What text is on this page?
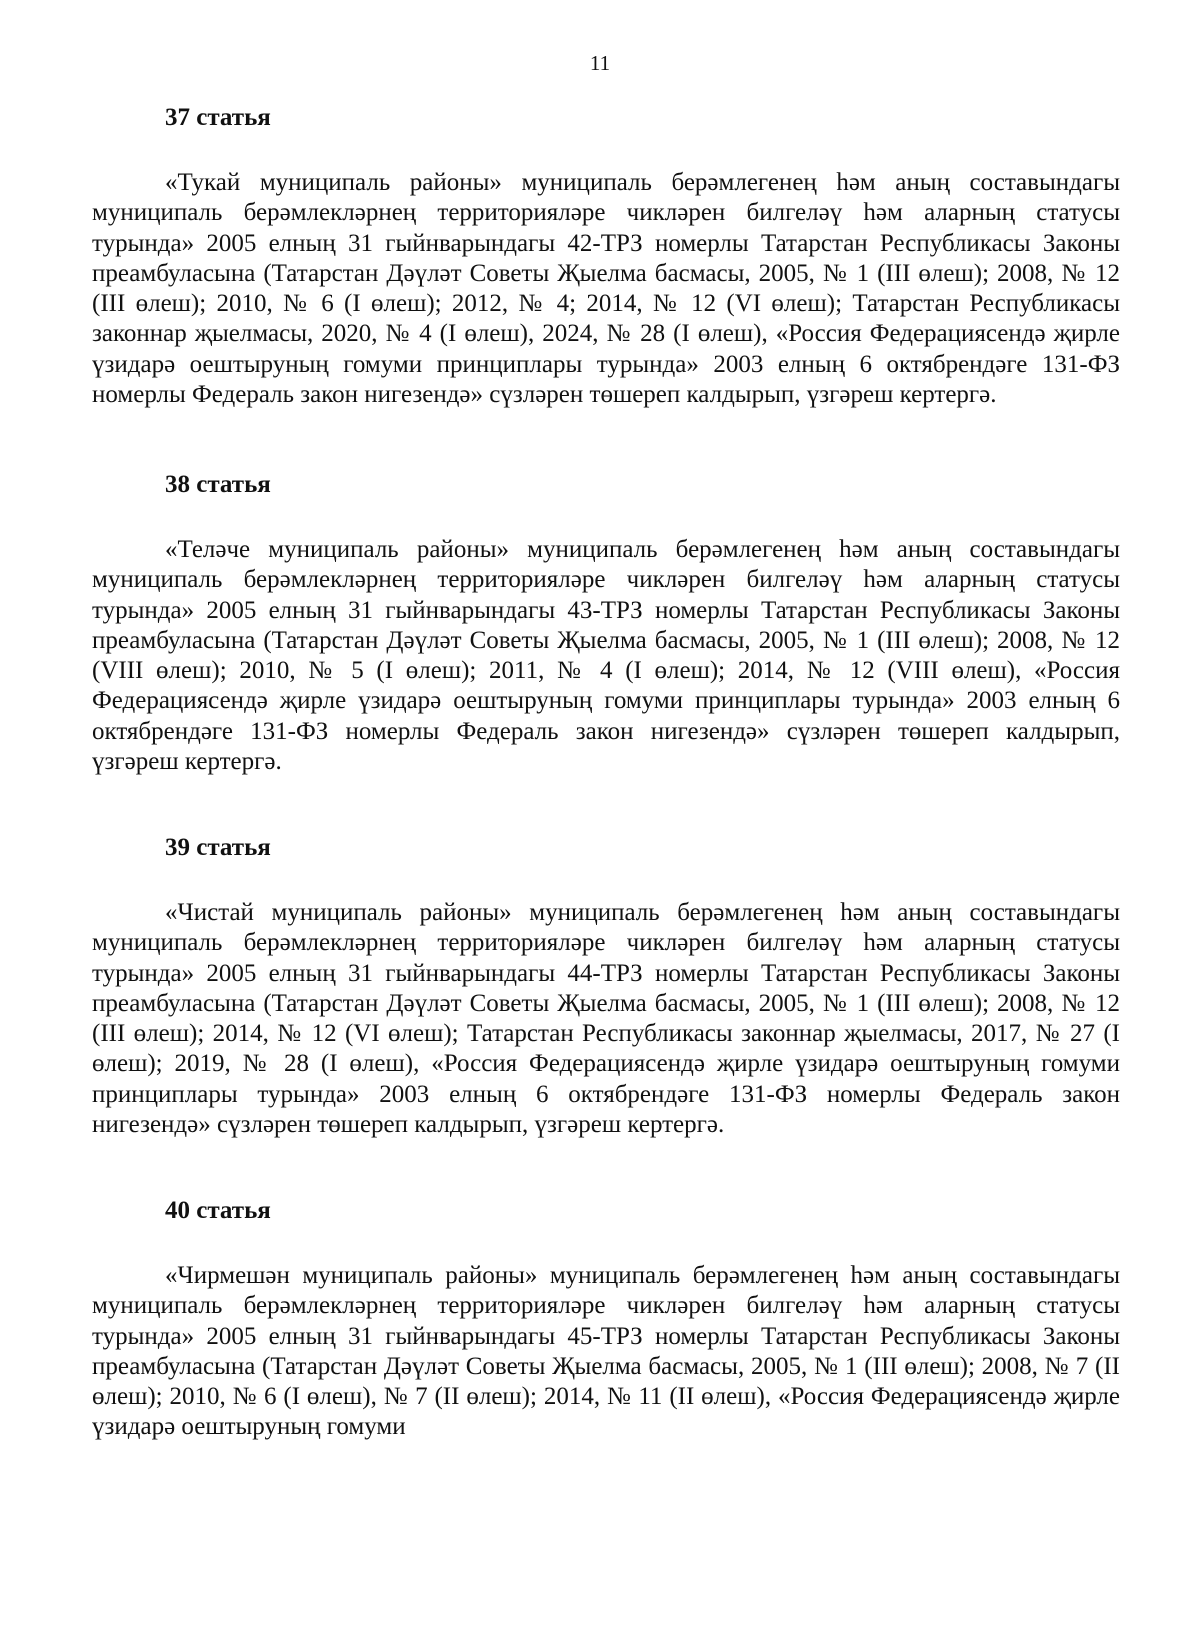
11
37 статья

«Тукай муниципаль районы» муниципаль берәмлегенең һәм аның составындагы муниципаль берәмлекләрнең территорияләре чикләрен билгеләү һәм аларның статусы турында» 2005 елның 31 гыйнварындагы 42-ТРЗ номерлы Татарстан Республикасы Законы преамбуласына (Татарстан Дәүләт Советы Җыелма басмасы, 2005, № 1 (III өлеш); 2008, № 12 (III өлеш); 2010, № 6 (I өлеш); 2012, № 4; 2014, № 12 (VI өлеш); Татарстан Республикасы законнар җыелмасы, 2020, № 4 (I өлеш), 2024, № 28 (I өлеш), «Россия Федерациясендә җирле үзидарә оештыруның гомуми принциплары турында» 2003 елның 6 октябрендәге 131-ФЗ номерлы Федераль закон нигезендә» сүзләрен төшереп калдырып, үзгәреш кертергә.

38 статья

«Теләче муниципаль районы» муниципаль берәмлегенең һәм аның составындагы муниципаль берәмлекләрнең территорияләре чикләрен билгеләү һәм аларның статусы турында» 2005 елның 31 гыйнварындагы 43-ТРЗ номерлы Татарстан Республикасы Законы преамбуласына (Татарстан Дәүләт Советы Җыелма басмасы, 2005, № 1 (III өлеш); 2008, № 12 (VIII өлеш); 2010, № 5 (I өлеш); 2011, № 4 (I өлеш); 2014, № 12 (VIII өлеш), «Россия Федерациясендә җирле үзидарә оештыруның гомуми принциплары турында» 2003 елның 6 октябрендәге 131-ФЗ номерлы Федераль закон нигезендә» сүзләрен төшереп калдырып, үзгәреш кертергә.

39 статья

«Чистай муниципаль районы» муниципаль берәмлегенең һәм аның составындагы муниципаль берәмлекләрнең территорияләре чикләрен билгеләү һәм аларның статусы турында» 2005 елның 31 гыйнварындагы 44-ТРЗ номерлы Татарстан Республикасы Законы преамбуласына (Татарстан Дәүләт Советы Җыелма басмасы, 2005, № 1 (III өлеш); 2008, № 12 (III өлеш); 2014, № 12 (VI өлеш); Татарстан Республикасы законнар җыелмасы, 2017, № 27 (I өлеш); 2019, № 28 (I өлеш), «Россия Федерациясендә җирле үзидарә оештыруның гомуми принциплары турында» 2003 елның 6 октябрендәге 131-ФЗ номерлы Федераль закон нигезендә» сүзләрен төшереп калдырып, үзгәреш кертергә.

40 статья

«Чирмешән муниципаль районы» муниципаль берәмлегенең һәм аның составындагы муниципаль берәмлекләрнең территорияләре чикләрен билгеләү һәм аларның статусы турында» 2005 елның 31 гыйнварындагы 45-ТРЗ номерлы Татарстан Республикасы Законы преамбуласына (Татарстан Дәүләт Советы Җыелма басмасы, 2005, № 1 (III өлеш); 2008, № 7 (II өлеш); 2010, № 6 (I өлеш), № 7 (II өлеш); 2014, № 11 (II өлеш), «Россия Федерациясендә җирле үзидарә оештыруның гомуми
